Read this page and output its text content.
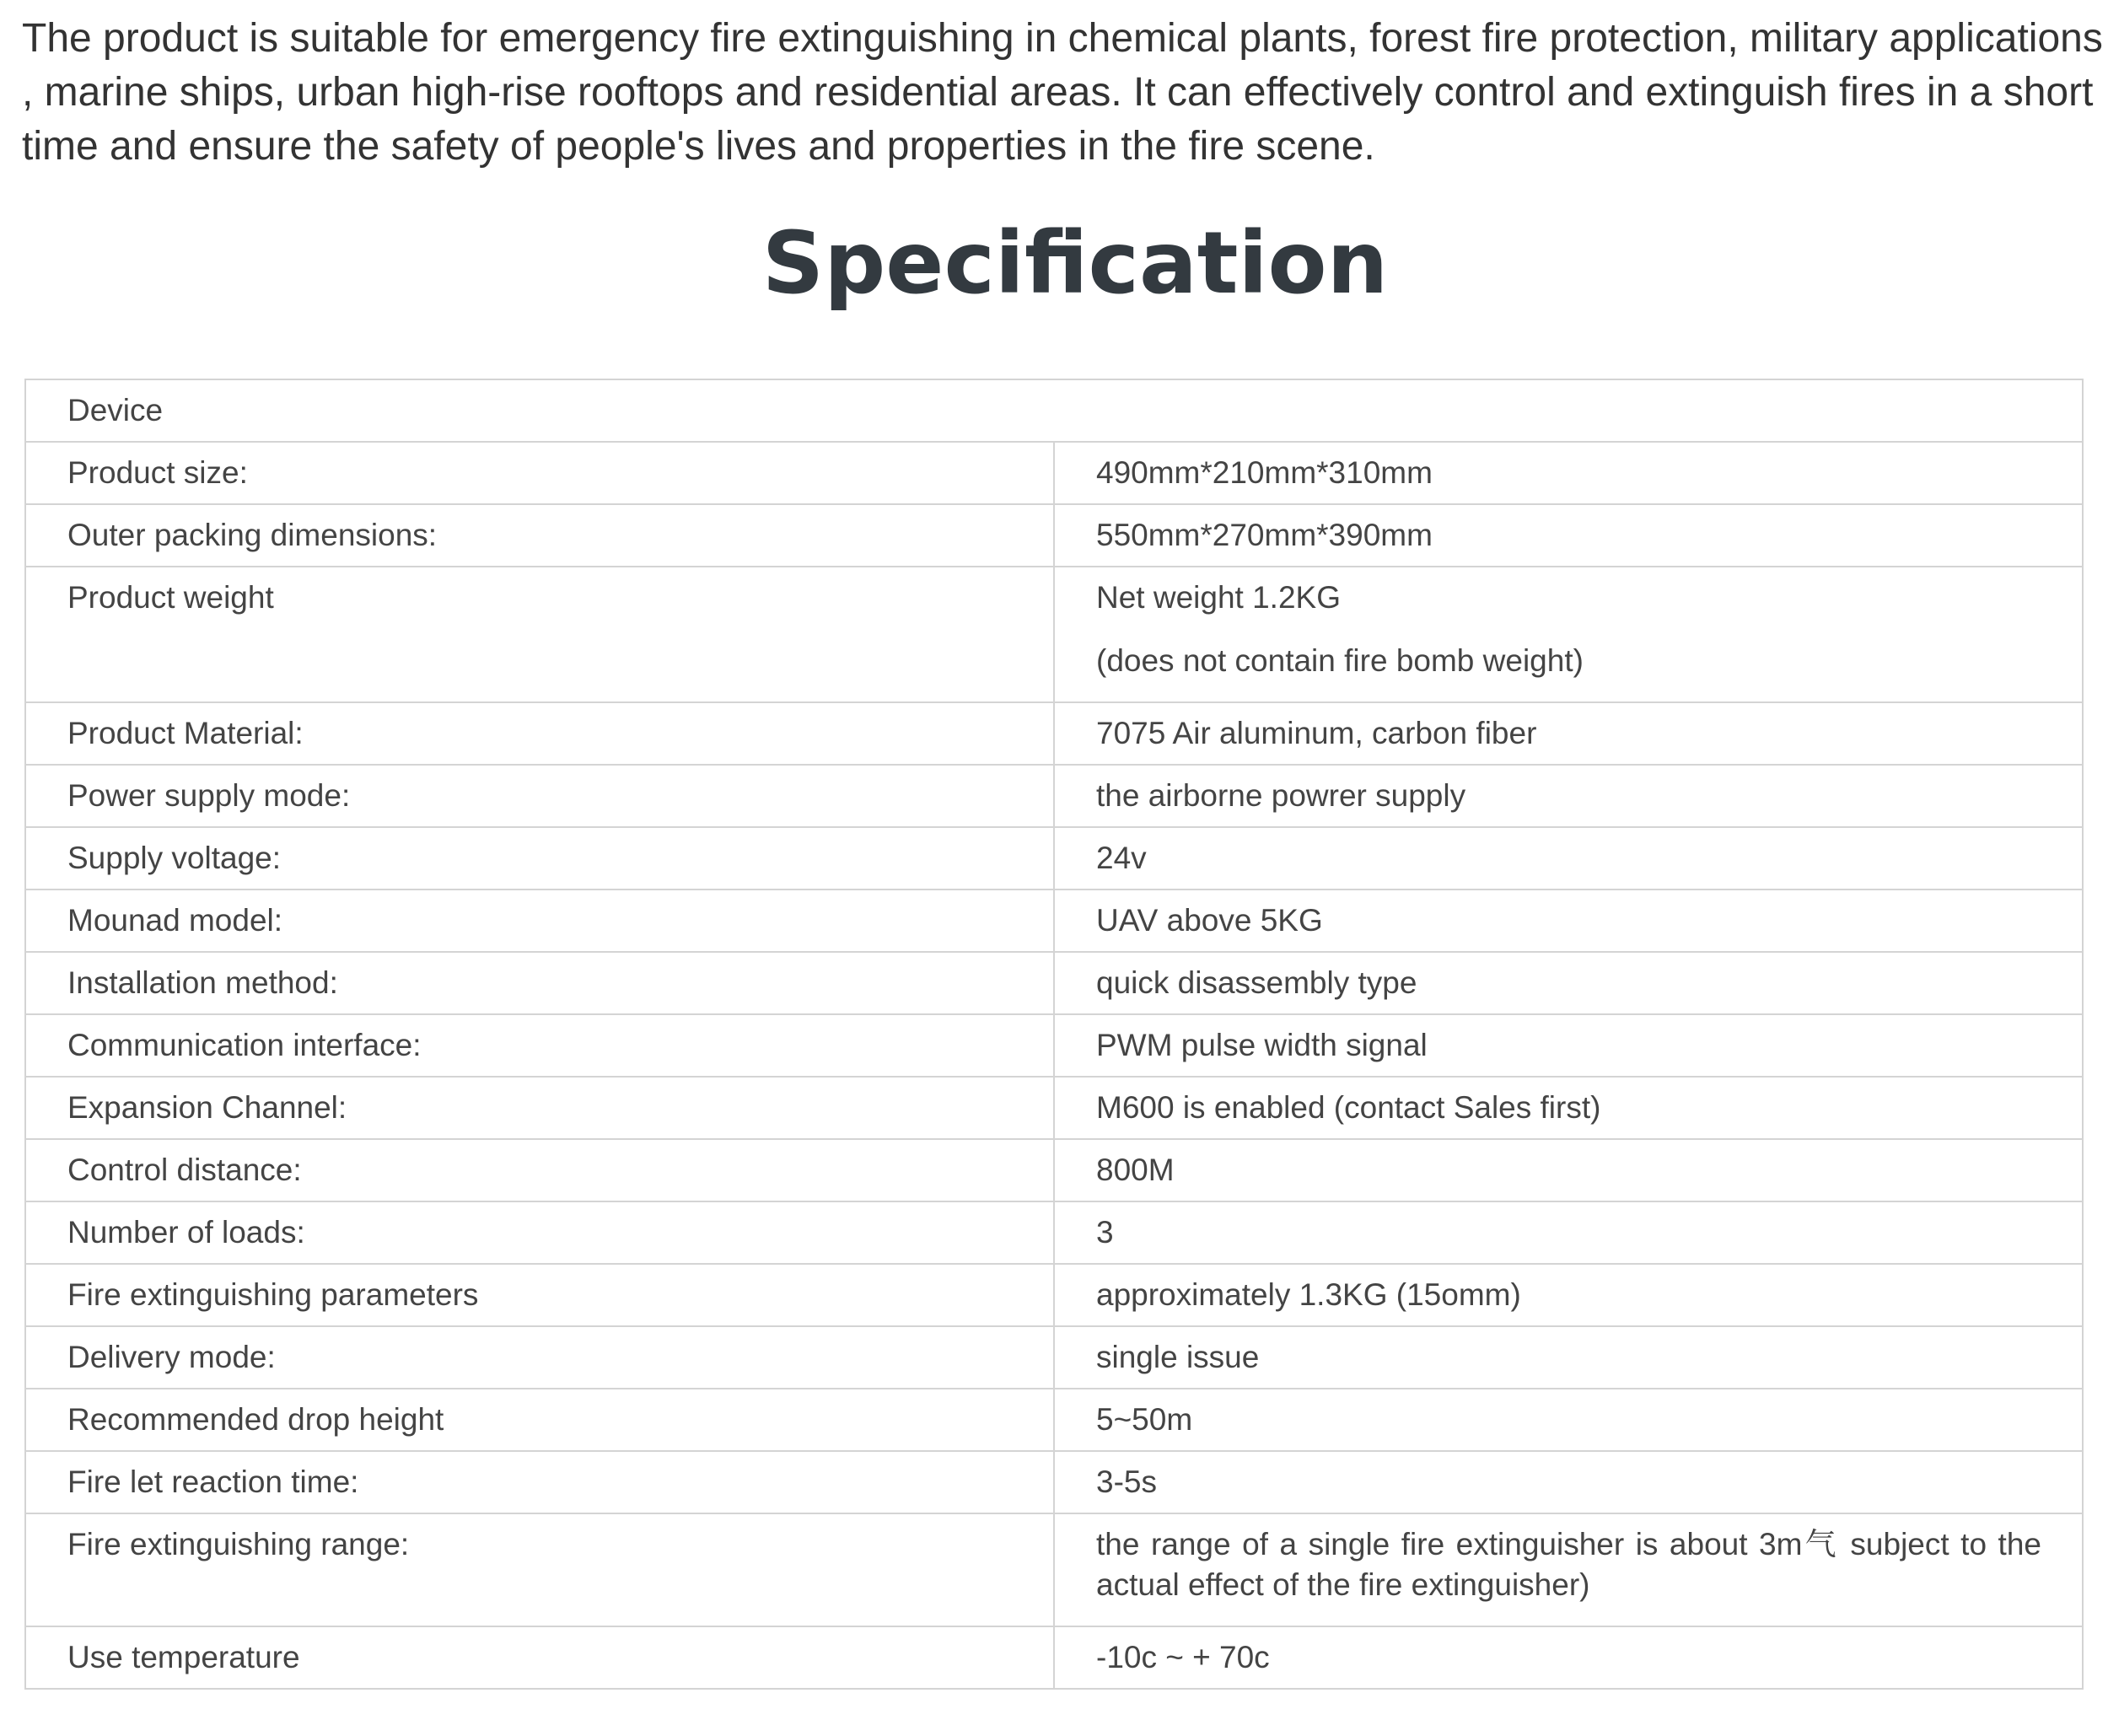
The product is suitable for emergency fire extinguishing in chemical plants, forest fire protection, military applications , marine ships, urban high-rise rooftops and residential areas. It can effectively control and extinguish fires in a short time and ensure the safety of people's lives and properties in the fire scene.

Specification
Device	
Product size:	490mm*210mm*310mm
Outer packing dimensions:	550mm*270mm*390mm
Product weight	Net weight 1.2KG
(does not contain fire bomb weight)

Product Material:	7075 Air aluminum, carbon fiber
Power supply mode:	the airborne powrer supply
Supply voltage:	24v
Mounad model:	UAV above 5KG
Installation method:	quick disassembly type
Communication interface:	PWM pulse width signal
Expansion Channel:	M600 is enabled (contact Sales first)
Control distance:	800M
Number of loads:	3
Fire extinguishing parameters	approximately 1.3KG (15omm)
Delivery mode:	single issue
Recommended drop height	5~50m
Fire let reaction time:	3-5s
Fire extinguishing range:	the range of a single fire extinguisher is about 3m气 subject to the actual effect of the fire extinguisher)
Use temperature	-10c ~ + 70c
